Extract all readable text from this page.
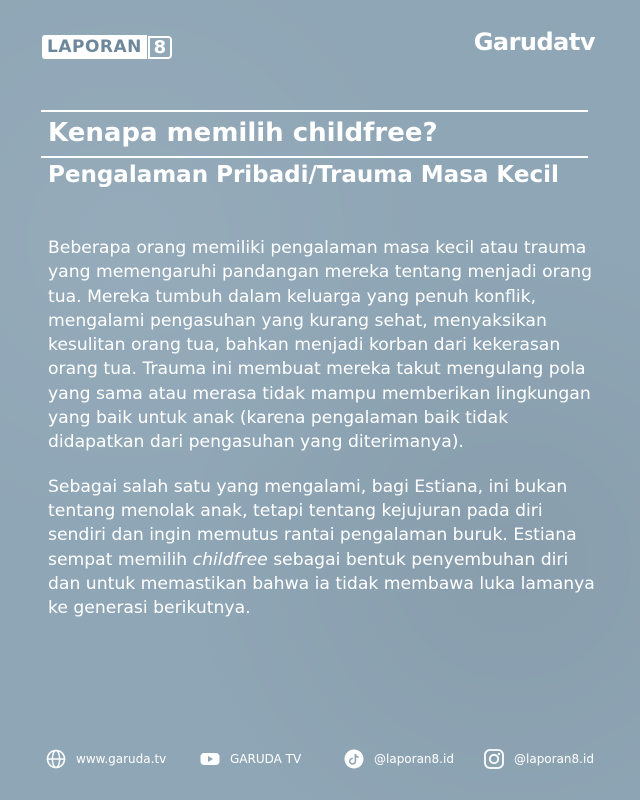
LAPORAN 8	Garudatv
Kenapa memilih childfree?
Pengalaman Pribadi/Trauma Masa Kecil

Beberapa orang memiliki pengalaman masa kecil atau trauma yang memengaruhi pandangan mereka tentang menjadi orang tua. Mereka tumbuh dalam keluarga yang penuh konflik, mengalami pengasuhan yang kurang sehat, menyaksikan kesulitan orang tua, bahkan menjadi korban dari kekerasan orang tua. Trauma ini membuat mereka takut mengulang pola yang sama atau merasa tidak mampu memberikan lingkungan yang baik untuk anak (karena pengalaman baik tidak didapatkan dari pengasuhan yang diterimanya).

Sebagai salah satu yang mengalami, bagi Estiana, ini bukan tentang menolak anak, tetapi tentang kejujuran pada diri sendiri dan ingin memutus rantai pengalaman buruk. Estiana sempat memilih childfree sebagai bentuk penyembuhan diri dan untuk memastikan bahwa ia tidak membawa luka lamanya ke generasi berikutnya.

www.garuda.tv	GARUDA TV	@laporan8.id	@laporan8.id
